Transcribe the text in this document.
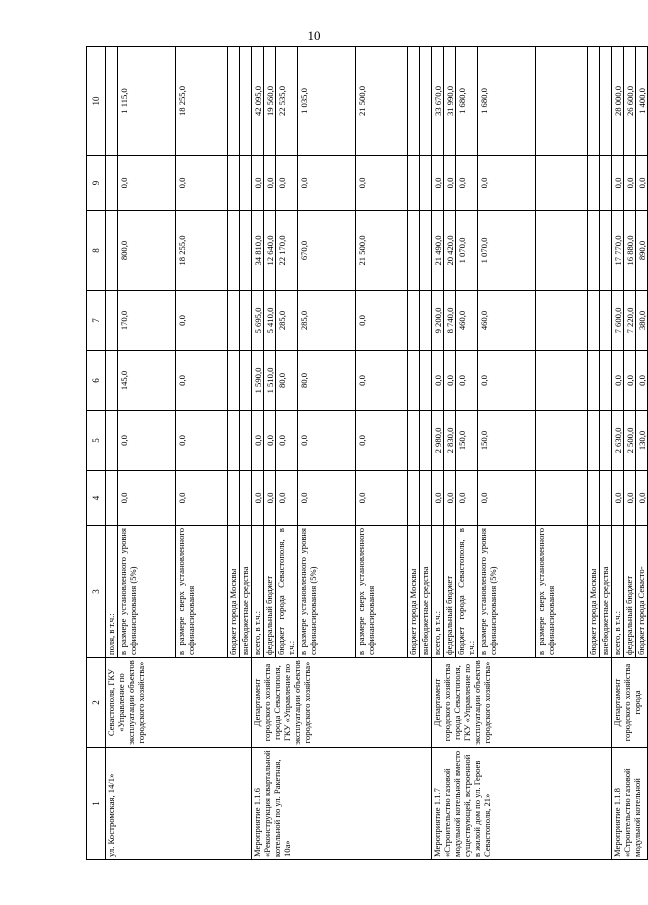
10
1	2	3	4	5	6	7	8	9	10
ул. Костромская, 14/1»	Севастополя, ГКУ «Управление по эксплуатации объектов городского хозяйства»	поля, в т.ч.:							
		в размере установленного уровня софинансирования (5%)	0,0	0,0	145,0	170,0	800,0	0,0	1 115,0
		в размере сверх установленного софинансирования	0,0	0,0	0,0	0,0	18 255,0	0,0	18 255,0
		бюджет города Москвы							
		внебюджетные средства							
Мероприятие 1.1.6 «Реконструкция квартальной котельной по ул. Ракетная, 10а»	Департамент городского хозяйства города Севастополя, ГКУ «Управление по эксплуатации объектов городского хозяйства»	всего, в т.ч.:	0,0	0,0	1 590,0	5 695,0	34 810,0	0,0	42 095,0
		федеральный бюджет	0,0	0,0	1 510,0	5 410,0	12 640,0	0,0	19 560,0
		бюджет города Севастополя, в т.ч.:	0,0	0,0	80,0	285,0	22 170,0	0,0	22 535,0
		в размере установленного уровня софинансирования (5%)	0,0	0,0	80,0	285,0	670,0	0,0	1 035,0
		в размере сверх установленного софинансирования	0,0	0,0	0,0	0,0	21 500,0	0,0	21 500,0
		бюджет города Москвы							
		внебюджетные средства							
Мероприятие 1.1.7 «Строительство газовой модульной котельной вместо существующей, встроенной в жилой дом по ул. Героев Севастополя, 21»	Департамент городского хозяйства города Севастополя, ГКУ «Управление по эксплуатации объектов городского хозяйства»	всего, в т.ч.:	0,0	2 980,0	0,0	9 200,0	21 490,0	0,0	33 670,0
		федеральный бюджет	0,0	2 830,0	0,0	8 740,0	20 420,0	0,0	31 990,0
		бюджет города Севастополя, в т.ч.:	0,0	150,0	0,0	460,0	1 070,0	0,0	1 680,0
		в размере установленного уровня софинансирования (5%)	0,0	150,0	0,0	460,0	1 070,0	0,0	1 680,0
		в размере сверх установленного софинансирования							
		бюджет города Москвы							
		внебюджетные средства							
Мероприятие 1.1.8 «Строительство газовой модульной котельной	Департамент городского хозяйства города	всего, в т.ч.:	0,0	2 630,0	0,0	7 600,0	17 770,0	0,0	28 000,0
		федеральный бюджет	0,0	2 500,0	0,0	7 220,0	16 880,0	0,0	26 600,0
		бюджет города Севасто-	0,0	130,0	0,0	380,0	890,0	0,0	1 400,0
